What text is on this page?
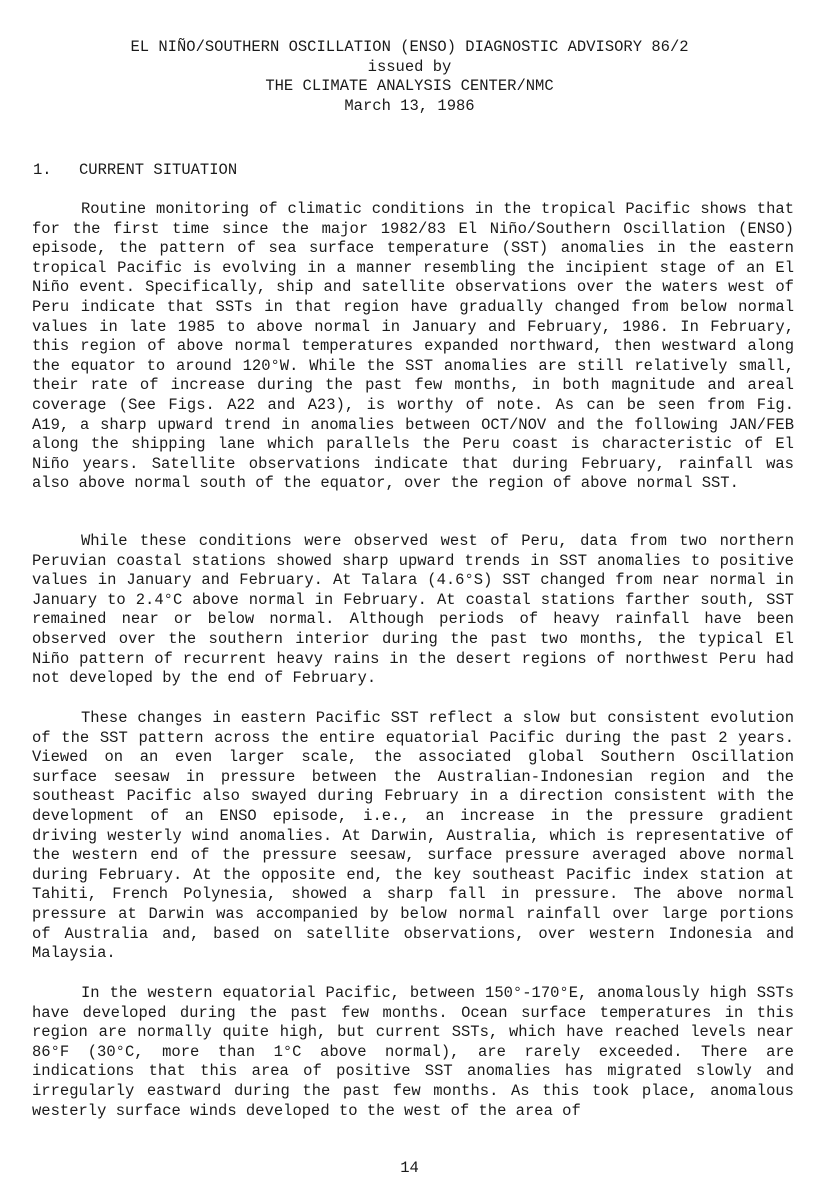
EL NIÑO/SOUTHERN OSCILLATION (ENSO) DIAGNOSTIC ADVISORY 86/2
issued by
THE CLIMATE ANALYSIS CENTER/NMC
March 13, 1986
1. CURRENT SITUATION

Routine monitoring of climatic conditions in the tropical Pacific shows that for the first time since the major 1982/83 El Niño/Southern Oscillation (ENSO) episode, the pattern of sea surface temperature (SST) anomalies in the eastern tropical Pacific is evolving in a manner resembling the incipient stage of an El Niño event. Specifically, ship and satellite observations over the waters west of Peru indicate that SSTs in that region have gradually changed from below normal values in late 1985 to above normal in January and February, 1986. In February, this region of above normal temperatures expanded northward, then westward along the equator to around 120°W. While the SST anomalies are still relatively small, their rate of increase during the past few months, in both magnitude and areal coverage (See Figs. A22 and A23), is worthy of note. As can be seen from Fig. A19, a sharp upward trend in anomalies between OCT/NOV and the following JAN/FEB along the shipping lane which parallels the Peru coast is characteristic of El Niño years. Satellite observations indicate that during February, rainfall was also above normal south of the equator, over the region of above normal SST.

While these conditions were observed west of Peru, data from two northern Peruvian coastal stations showed sharp upward trends in SST anomalies to positive values in January and February. At Talara (4.6°S) SST changed from near normal in January to 2.4°C above normal in February. At coastal stations farther south, SST remained near or below normal. Although periods of heavy rainfall have been observed over the southern interior during the past two months, the typical El Niño pattern of recurrent heavy rains in the desert regions of northwest Peru had not developed by the end of February.

These changes in eastern Pacific SST reflect a slow but consistent evolution of the SST pattern across the entire equatorial Pacific during the past 2 years. Viewed on an even larger scale, the associated global Southern Oscillation surface seesaw in pressure between the Australian-Indonesian region and the southeast Pacific also swayed during February in a direction consistent with the development of an ENSO episode, i.e., an increase in the pressure gradient driving westerly wind anomalies. At Darwin, Australia, which is representative of the western end of the pressure seesaw, surface pressure averaged above normal during February. At the opposite end, the key southeast Pacific index station at Tahiti, French Polynesia, showed a sharp fall in pressure. The above normal pressure at Darwin was accompanied by below normal rainfall over large portions of Australia and, based on satellite observations, over western Indonesia and Malaysia.

In the western equatorial Pacific, between 150°-170°E, anomalously high SSTs have developed during the past few months. Ocean surface temperatures in this region are normally quite high, but current SSTs, which have reached levels near 86°F (30°C, more than 1°C above normal), are rarely exceeded. There are indications that this area of positive SST anomalies has migrated slowly and irregularly eastward during the past few months. As this took place, anomalous westerly surface winds developed to the west of the area of

14
